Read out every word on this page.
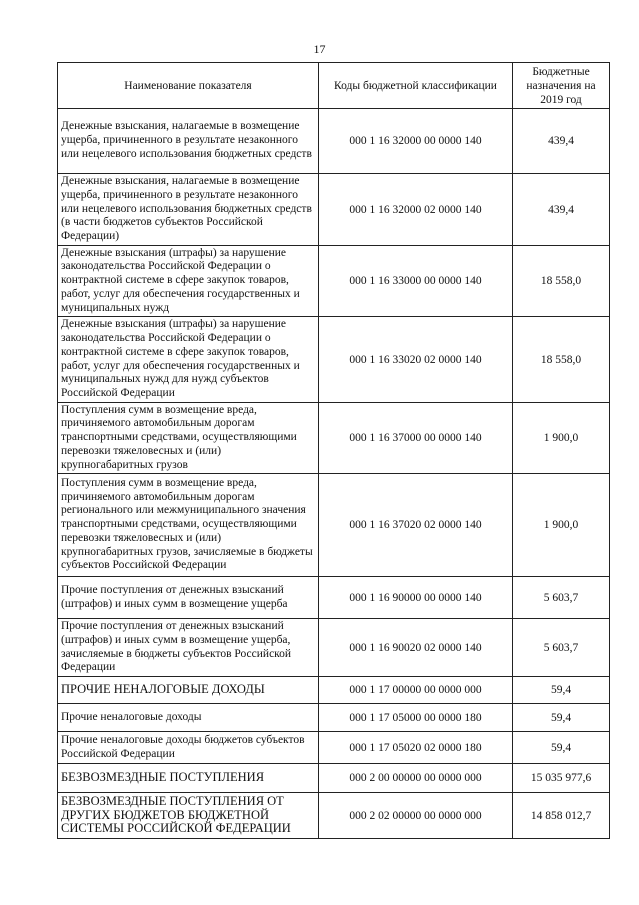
17
Наименование показателя	Коды бюджетной классификации	Бюджетные назначения на 2019 год
Денежные взыскания, налагаемые в возмещение ущерба, причиненного в результате незаконного или нецелевого использования бюджетных средств	000 1 16 32000 00 0000 140	439,4
Денежные взыскания, налагаемые в возмещение ущерба, причиненного в результате незаконного или нецелевого использования бюджетных средств (в части бюджетов субъектов Российской Федерации)	000 1 16 32000 02 0000 140	439,4
Денежные взыскания (штрафы) за нарушение законодательства Российской Федерации о контрактной системе в сфере закупок товаров, работ, услуг для обеспечения государственных и муниципальных нужд	000 1 16 33000 00 0000 140	18 558,0
Денежные взыскания (штрафы) за нарушение законодательства Российской Федерации о контрактной системе в сфере закупок товаров, работ, услуг для обеспечения государственных и муниципальных нужд для нужд субъектов Российской Федерации	000 1 16 33020 02 0000 140	18 558,0
Поступления сумм в возмещение вреда, причиняемого автомобильным дорогам транспортными средствами, осуществляющими перевозки тяжеловесных и (или) крупногабаритных грузов	000 1 16 37000 00 0000 140	1 900,0
Поступления сумм в возмещение вреда, причиняемого автомобильным дорогам регионального или межмуниципального значения транспортными средствами, осуществляющими перевозки тяжеловесных и (или) крупногабаритных грузов, зачисляемые в бюджеты субъектов Российской Федерации	000 1 16 37020 02 0000 140	1 900,0
Прочие поступления от денежных взысканий (штрафов) и иных сумм в возмещение ущерба	000 1 16 90000 00 0000 140	5 603,7
Прочие поступления от денежных взысканий (штрафов) и иных сумм в возмещение ущерба, зачисляемые в бюджеты субъектов Российской Федерации	000 1 16 90020 02 0000 140	5 603,7
ПРОЧИЕ НЕНАЛОГОВЫЕ ДОХОДЫ	000 1 17 00000 00 0000 000	59,4
Прочие неналоговые доходы	000 1 17 05000 00 0000 180	59,4
Прочие неналоговые доходы бюджетов субъектов Российской Федерации	000 1 17 05020 02 0000 180	59,4
БЕЗВОЗМЕЗДНЫЕ ПОСТУПЛЕНИЯ	000 2 00 00000 00 0000 000	15 035 977,6
БЕЗВОЗМЕЗДНЫЕ ПОСТУПЛЕНИЯ ОТ ДРУГИХ БЮДЖЕТОВ БЮДЖЕТНОЙ СИСТЕМЫ РОССИЙСКОЙ ФЕДЕРАЦИИ	000 2 02 00000 00 0000 000	14 858 012,7
